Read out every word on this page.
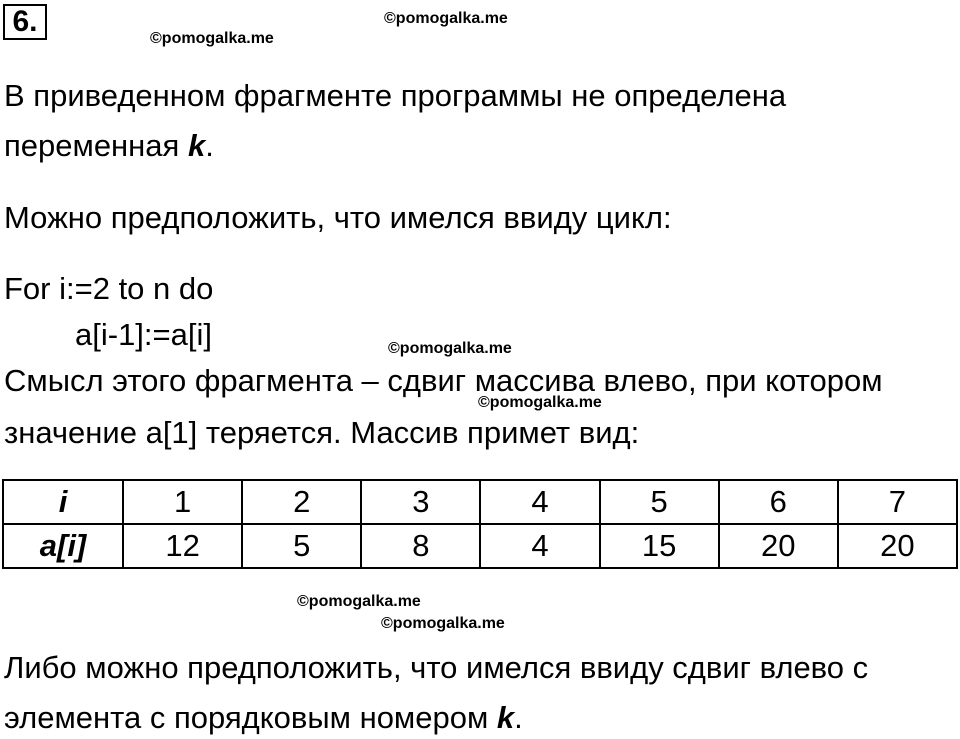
6.	©pomogalka.me
©pomogalka.me
В приведенном фрагменте программы не определена
переменная k.
Можно предположить, что имелся ввиду цикл:
For i:=2 to n do
a[i-1]:=a[i]	©pomogalka.me
Смысл этого фрагмента – сдвиг массива влево, при котором
©pomogalka.me
значение a[1] теряется. Массив примет вид:
i	1	2	3	4	5	6	7
a[i]	12	5	8	4	15	20	20
©pomogalka.me
©pomogalka.me
Либо можно предположить, что имелся ввиду сдвиг влево с
элемента с порядковым номером k.
